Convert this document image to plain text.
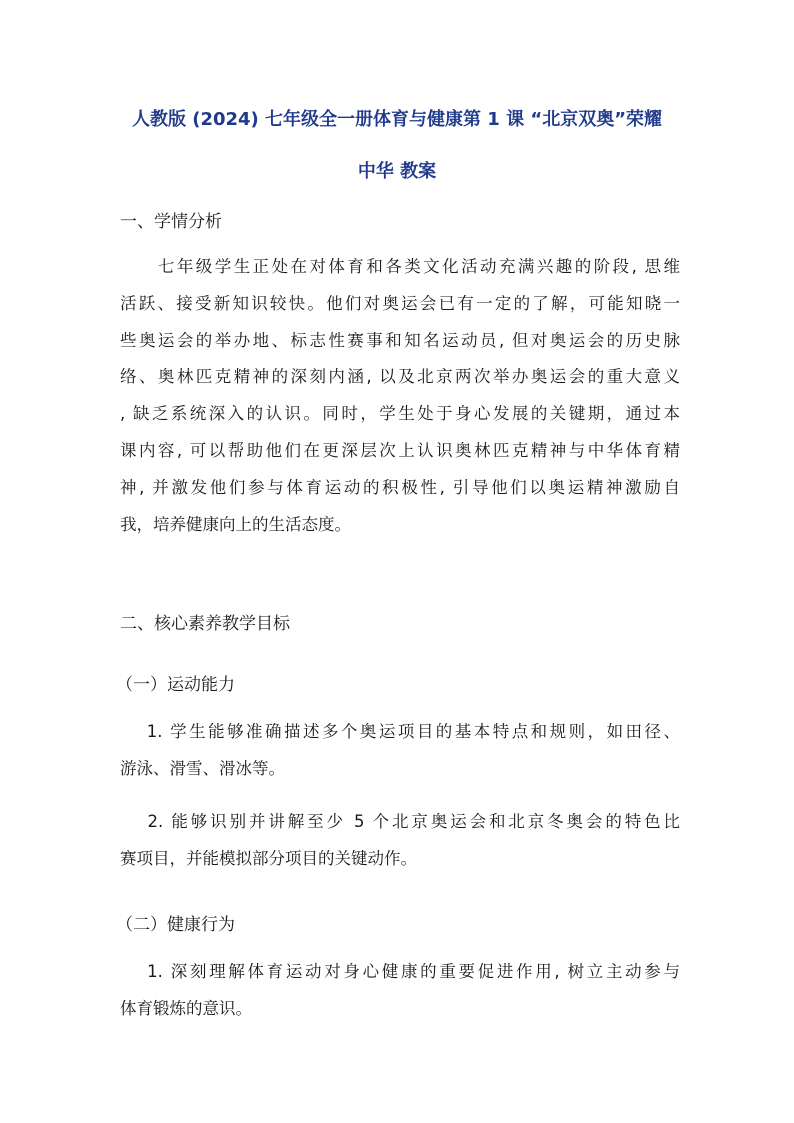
人教版 (2024) 七年级全一册体育与健康第 1 课 “北京双奥”荣耀
中华 教案

一、学情分析

　　七年级学生正处在对体育和各类文化活动充满兴趣的阶段, 思维
活跃、接受新知识较快。他们对奥运会已有一定的了解，可能知晓一
些奥运会的举办地、标志性赛事和知名运动员, 但对奥运会的历史脉
络、奥林匹克精神的深刻内涵, 以及北京两次举办奥运会的重大意义
, 缺乏系统深入的认识。同时，学生处于身心发展的关键期，通过本
课内容, 可以帮助他们在更深层次上认识奥林匹克精神与中华体育精
神, 并激发他们参与体育运动的积极性, 引导他们以奥运精神激励自
我，培养健康向上的生活态度。

二、核心素养教学目标

（一）运动能力

　 1. 学生能够准确描述多个奥运项目的基本特点和规则，如田径、
游泳、滑雪、滑冰等。
　 2. 能够识别并讲解至少 5 个北京奥运会和北京冬奥会的特色比
赛项目，并能模拟部分项目的关键动作。

（二）健康行为

　 1. 深刻理解体育运动对身心健康的重要促进作用, 树立主动参与
体育锻炼的意识。
